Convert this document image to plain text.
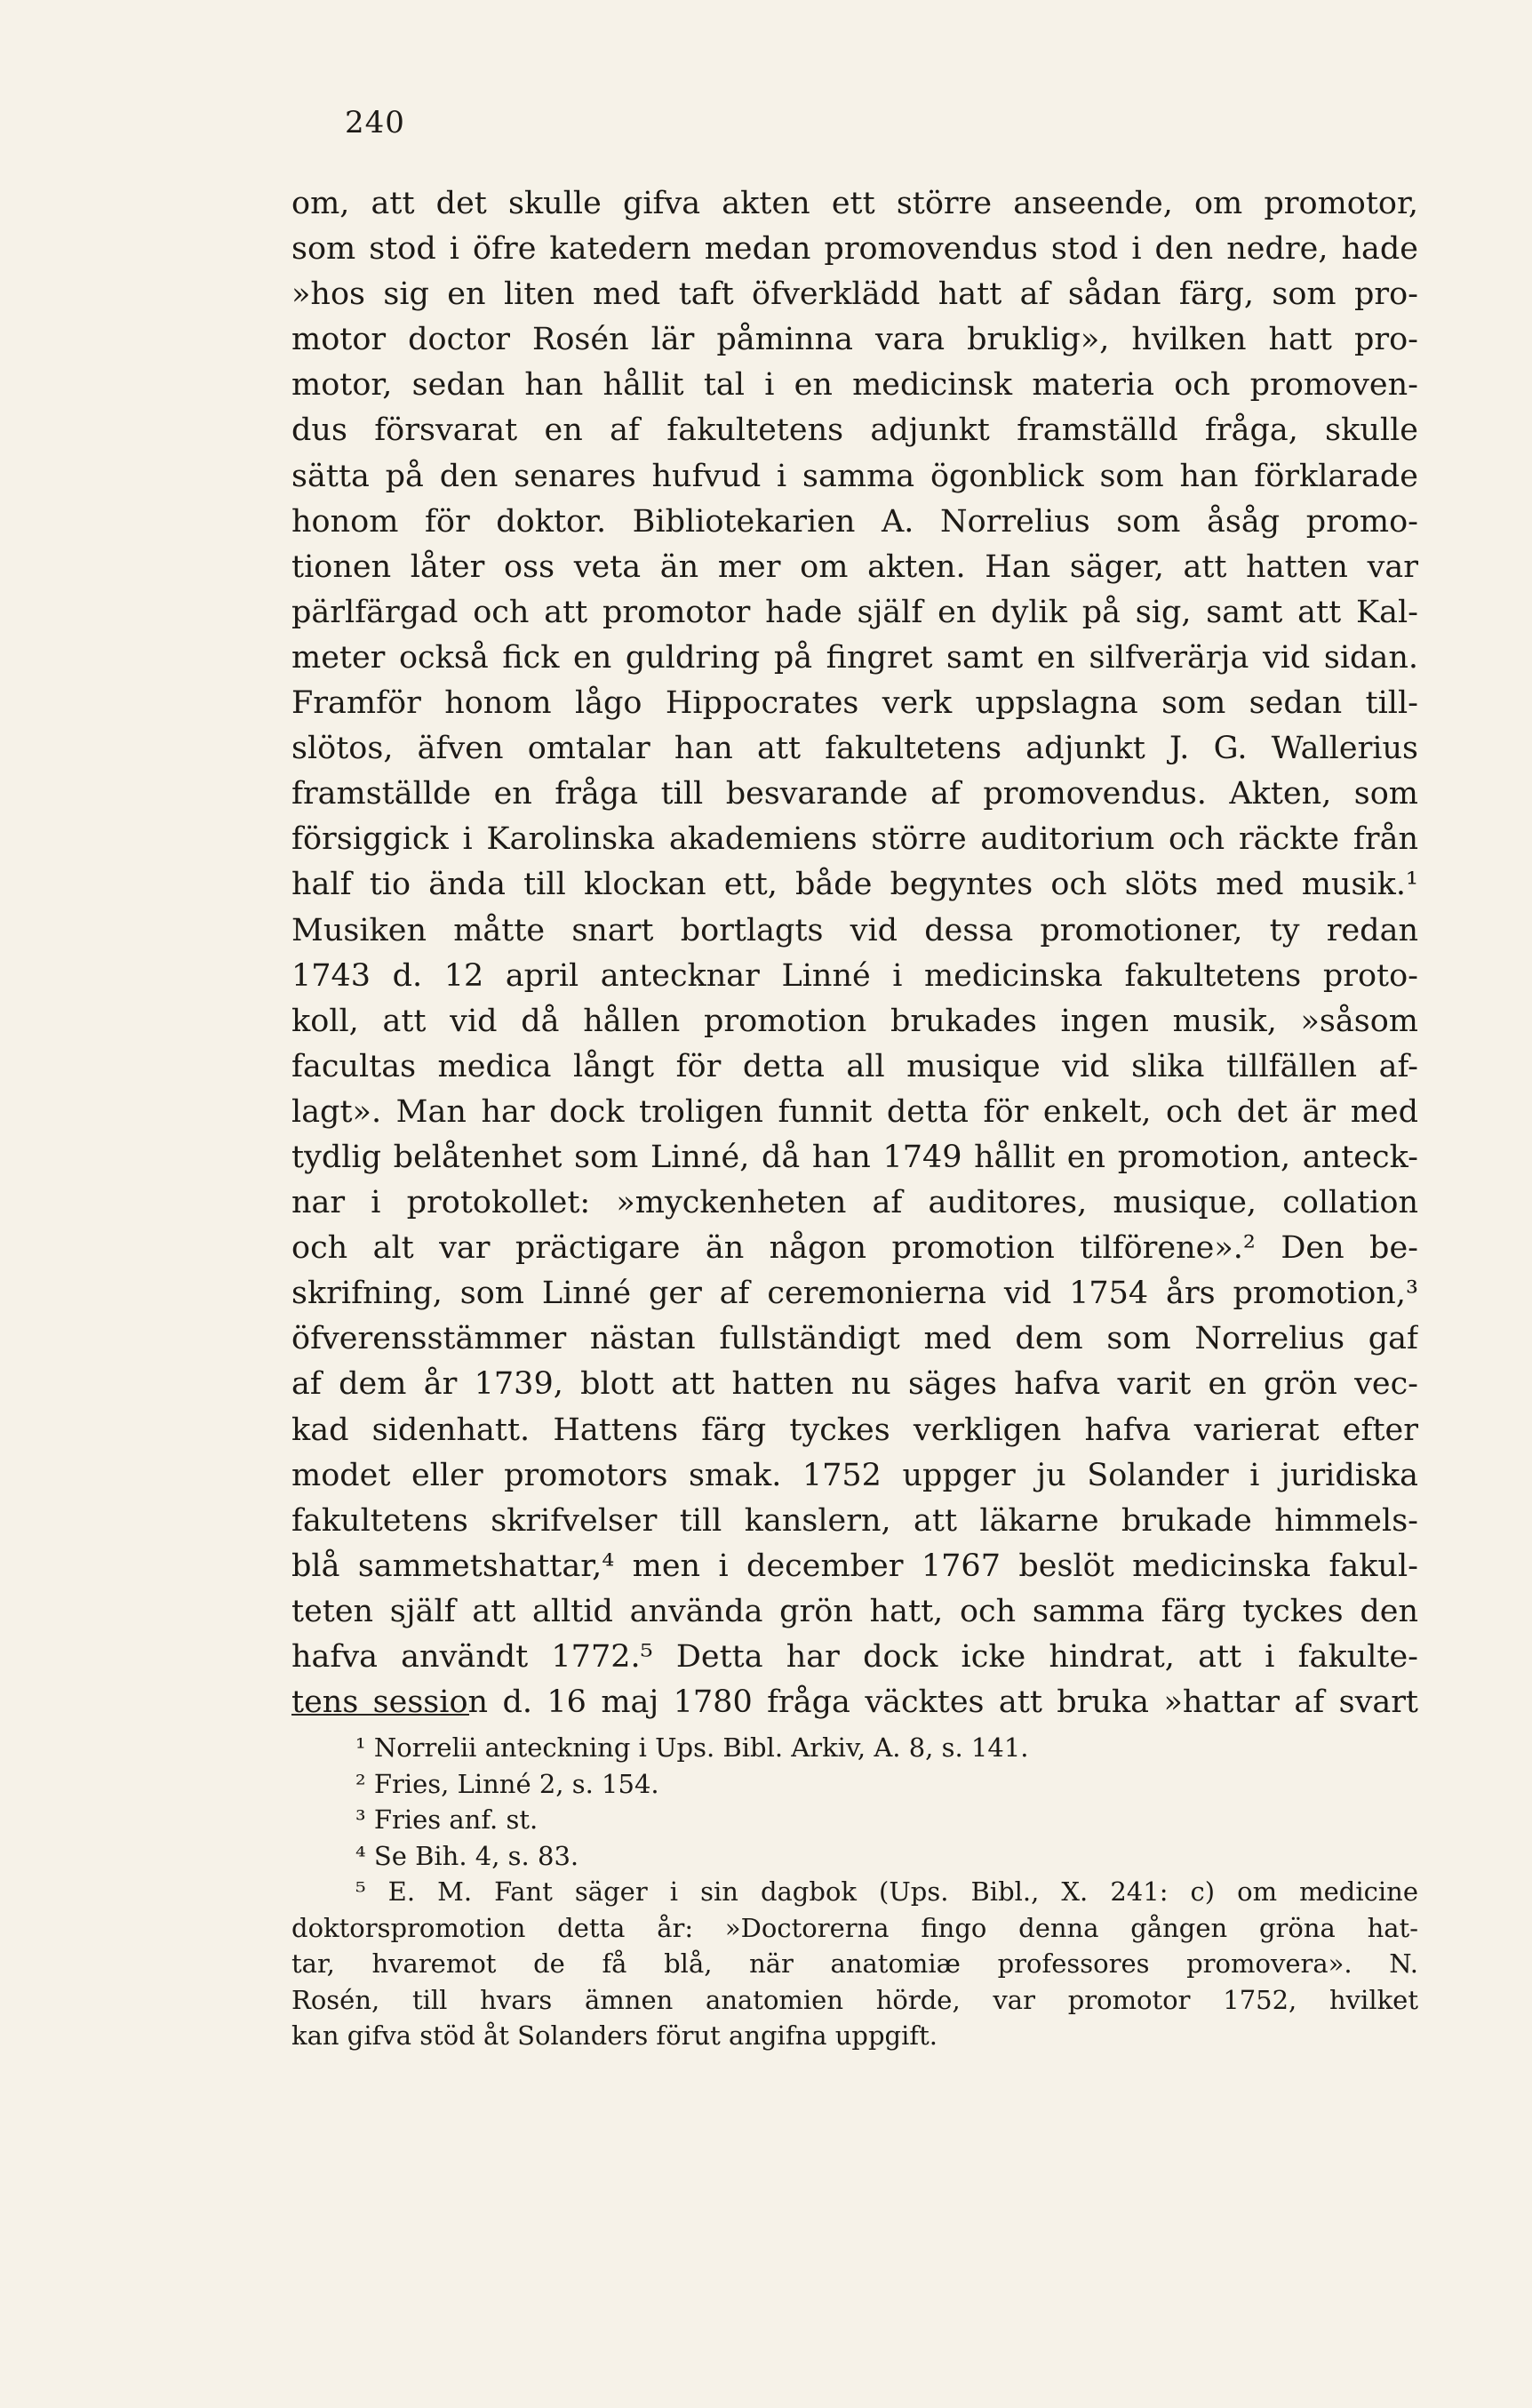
240
om, att det skulle gifva akten ett större anseende, om promotor,
som stod i öfre katedern medan promovendus stod i den nedre, hade
»hos sig en liten med taft öfverklädd hatt af sådan färg, som pro-
motor doctor Rosén lär påminna vara bruklig», hvilken hatt pro-
motor, sedan han hållit tal i en medicinsk materia och promoven-
dus försvarat en af fakultetens adjunkt framställd fråga, skulle
sätta på den senares hufvud i samma ögonblick som han förklarade
honom för doktor. Bibliotekarien A. Norrelius som åsåg promo-
tionen låter oss veta än mer om akten. Han säger, att hatten var
pärlfärgad och att promotor hade själf en dylik på sig, samt att Kal-
meter också fick en guldring på fingret samt en silfverärja vid sidan.
Framför honom lågo Hippocrates verk uppslagna som sedan till-
slötos, äfven omtalar han att fakultetens adjunkt J. G. Wallerius
framställde en fråga till besvarande af promovendus. Akten, som
försiggick i Karolinska akademiens större auditorium och räckte från
half tio ända till klockan ett, både begyntes och slöts med musik.¹
Musiken måtte snart bortlagts vid dessa promotioner, ty redan
1743 d. 12 april antecknar Linné i medicinska fakultetens proto-
koll, att vid då hållen promotion brukades ingen musik, »såsom
facultas medica långt för detta all musique vid slika tillfällen af-
lagt». Man har dock troligen funnit detta för enkelt, och det är med
tydlig belåtenhet som Linné, då han 1749 hållit en promotion, anteck-
nar i protokollet: »myckenheten af auditores, musique, collation
och alt var präctigare än någon promotion tilförene».² Den be-
skrifning, som Linné ger af ceremonierna vid 1754 års promotion,³
öfverensstämmer nästan fullständigt med dem som Norrelius gaf
af dem år 1739, blott att hatten nu säges hafva varit en grön vec-
kad sidenhatt. Hattens färg tyckes verkligen hafva varierat efter
modet eller promotors smak. 1752 uppger ju Solander i juridiska
fakultetens skrifvelser till kanslern, att läkarne brukade himmels-
blå sammetshattar,⁴ men i december 1767 beslöt medicinska fakul-
teten själf att alltid använda grön hatt, och samma färg tyckes den
hafva användt 1772.⁵ Detta har dock icke hindrat, att i fakulte-
tens session d. 16 maj 1780 fråga väcktes att bruka »hattar af svart
¹ Norrelii anteckning i Ups. Bibl. Arkiv, A. 8, s. 141.
² Fries, Linné 2, s. 154.
³ Fries anf. st.
⁴ Se Bih. 4, s. 83.
⁵ E. M. Fant säger i sin dagbok (Ups. Bibl., X. 241: c) om medicine
doktorspromotion detta år: »Doctorerna fingo denna gången gröna hat-
tar, hvaremot de få blå, när anatomiæ professores promovera». N.
Rosén, till hvars ämnen anatomien hörde, var promotor 1752, hvilket
kan gifva stöd åt Solanders förut angifna uppgift.
